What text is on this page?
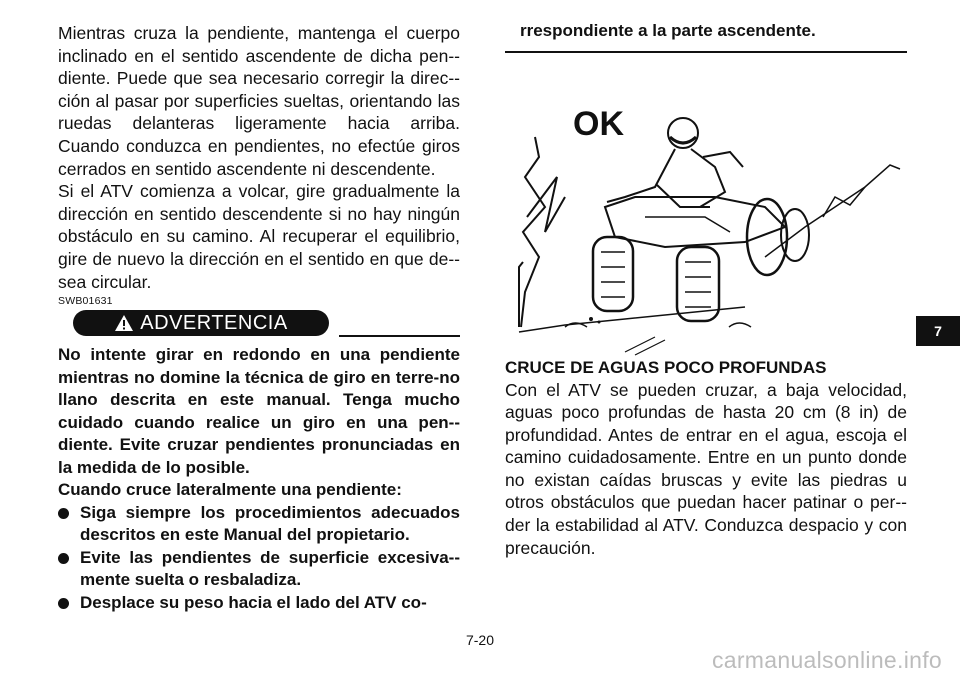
Mientras cruza la pendiente, mantenga el cuerpo inclinado en el sentido ascendente de dicha pen-diente. Puede que sea necesario corregir la direc-ción al pasar por superficies sueltas, orientando las ruedas delanteras ligeramente hacia arriba. Cuando conduzca en pendientes, no efectúe giros cerrados en sentido ascendente ni descendente.

Si el ATV comienza a volcar, gire gradualmente la dirección en sentido descendente si no hay ningún obstáculo en su camino. Al recuperar el equilibrio, gire de nuevo la dirección en el sentido en que de-sea circular.

SWB01631
ADVERTENCIA

No intente girar en redondo en una pendiente mientras no domine la técnica de giro en terre-no llano descrita en este manual. Tenga mucho cuidado cuando realice un giro en una pen-diente. Evite cruzar pendientes pronunciadas en la medida de lo posible.

Cuando cruce lateralmente una pendiente:

Siga siempre los procedimientos adecuados descritos en este Manual del propietario.
Evite las pendientes de superficie excesiva-mente suelta o resbaladiza.
Desplace su peso hacia el lado del ATV co-
rrespondiente a la parte ascendente.
OK

CRUCE DE AGUAS POCO PROFUNDAS

Con el ATV se pueden cruzar, a baja velocidad, aguas poco profundas de hasta 20 cm (8 in) de profundidad. Antes de entrar en el agua, escoja el camino cuidadosamente. Entre en un punto donde no existan caídas bruscas y evite las piedras u otros obstáculos que puedan hacer patinar o per-der la estabilidad al ATV. Conduzca despacio y con precaución.

7
7-20
carmanualsonline.info
